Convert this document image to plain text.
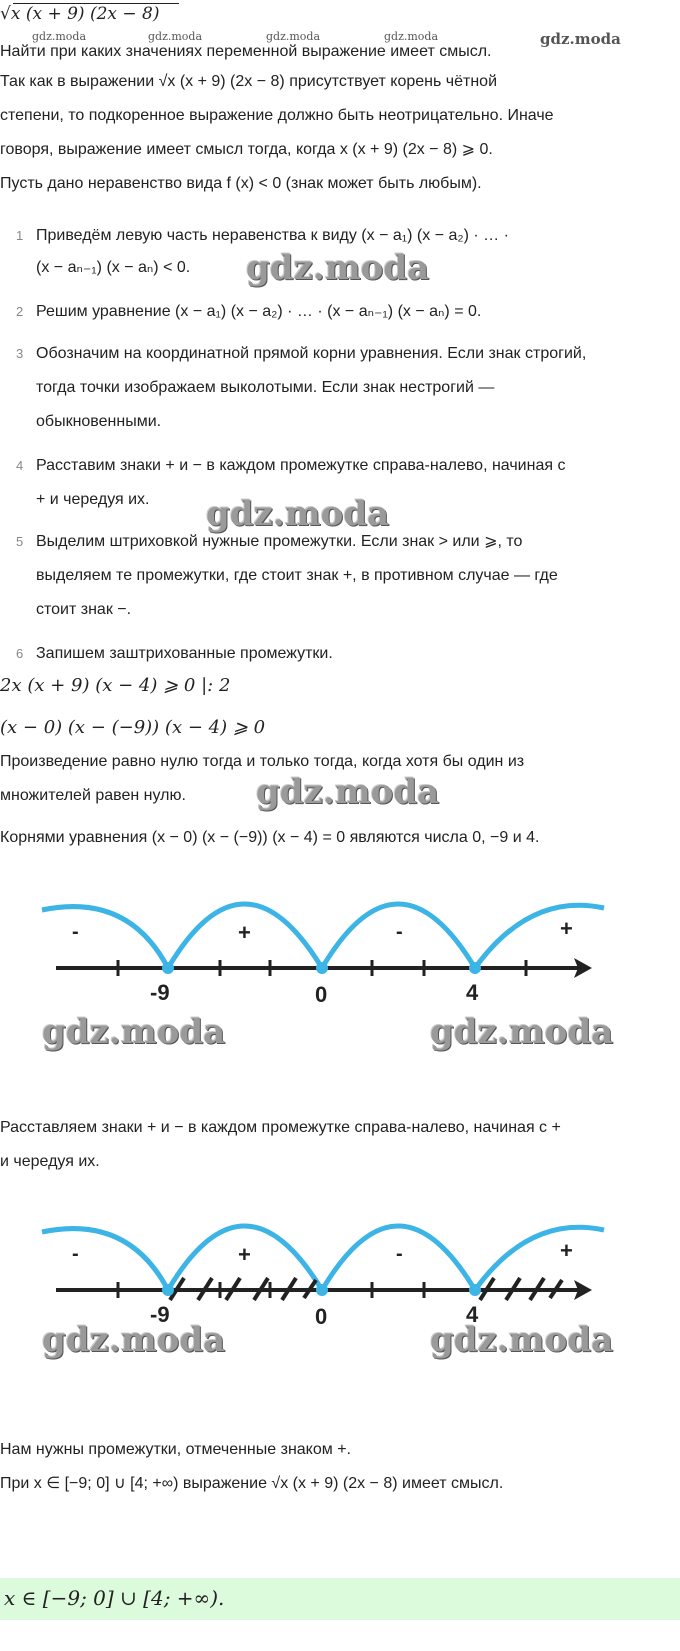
√x (x + 9) (2x − 8)
gdz.moda	gdz.moda	gdz.moda	gdz.moda	gdz.moda
Найти при каких значениях переменной выражение имеет смысл.
Так как в выражении √x (x + 9) (2x − 8) присутствует корень чётной
степени, то подкоренное выражение должно быть неотрицательно. Иначе
говоря, выражение имеет смысл тогда, когда x (x + 9) (2x − 8) ⩾ 0.
Пусть дано неравенство вида f (x) < 0 (знак может быть любым).
1 Приведём левую часть неравенства к виду (x − a₁) (x − a₂) · … ·
(x − aₙ₋₁) (x − aₙ) < 0. gdz.moda
2 Решим уравнение (x − a₁) (x − a₂) · … · (x − aₙ₋₁) (x − aₙ) = 0.
3 Обозначим на координатной прямой корни уравнения. Если знак строгий,
тогда точки изображаем выколотыми. Если знак нестрогий —
обыкновенными.
4 Расставим знаки + и − в каждом промежутке справа-налево, начиная с
+ и чередуя их. gdz.moda
5 Выделим штриховкой нужные промежутки. Если знак > или ⩾, то
выделяем те промежутки, где стоит знак +, в противном случае — где
стоит знак −.
6 Запишем заштрихованные промежутки.
2x (x + 9) (x − 4) ⩾ 0 |: 2
(x − 0) (x − (−9)) (x − 4) ⩾ 0
Произведение равно нулю тогда и только тогда, когда хотя бы один из
множителей равен нулю. gdz.moda
Корнями уравнения (x − 0) (x − (−9)) (x − 4) = 0 являются числа 0, −9 и 4.
-9	0	4
-	+	-	+
gdz.moda	gdz.moda
Расставляем знаки + и − в каждом промежутке справа-налево, начиная с +
и чередуя их.
-9	0	4
-	+	-	+
gdz.moda	gdz.moda
Нам нужны промежутки, отмеченные знаком +.
При x ∈ [−9; 0] ∪ [4; +∞) выражение √x (x + 9) (2x − 8) имеет смысл.
x ∈ [−9; 0] ∪ [4; +∞).
